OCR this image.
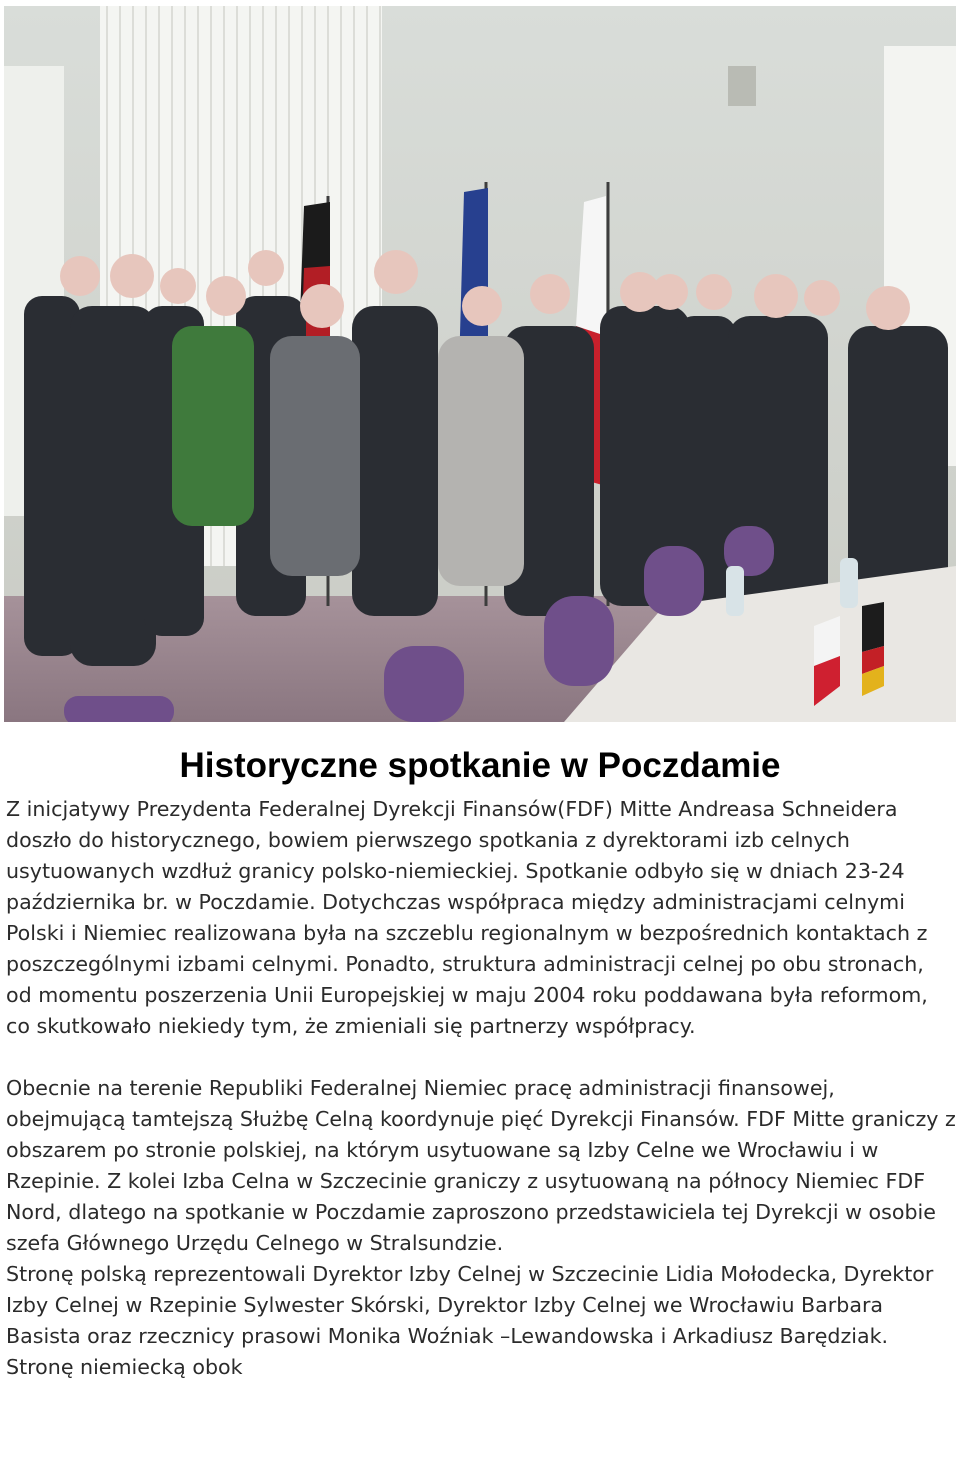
Historyczne spotkanie w Poczdamie

Z inicjatywy Prezydenta Federalnej Dyrekcji Finansów(FDF) Mitte Andreasa Schneidera doszło do historycznego, bowiem pierwszego spotkania z dyrektorami izb celnych usytuowanych wzdłuż granicy polsko-niemieckiej. Spotkanie odbyło się w dniach 23-24 października br. w Poczdamie. Dotychczas współpraca między administracjami celnymi Polski i Niemiec realizowana była na szczeblu regionalnym w bezpośrednich kontaktach z poszczególnymi izbami celnymi. Ponadto, struktura administracji celnej po obu stronach, od momentu poszerzenia Unii Europejskiej w maju 2004 roku poddawana była reformom, co skutkowało niekiedy tym, że zmieniali się partnerzy współpracy.

Obecnie na terenie Republiki Federalnej Niemiec pracę administracji finansowej, obejmującą tamtejszą Służbę Celną koordynuje pięć Dyrekcji Finansów. FDF Mitte graniczy z obszarem po stronie polskiej, na którym usytuowane są Izby Celne we Wrocławiu i w Rzepinie. Z kolei Izba Celna w Szczecinie graniczy z usytuowaną na północy Niemiec FDF Nord, dlatego na spotkanie w Poczdamie zaproszono przedstawiciela tej Dyrekcji w osobie szefa Głównego Urzędu Celnego w Stralsundzie.

Stronę polską reprezentowali Dyrektor Izby Celnej w Szczecinie Lidia Mołodecka, Dyrektor Izby Celnej w Rzepinie Sylwester Skórski, Dyrektor Izby Celnej we Wrocławiu Barbara Basista oraz rzecznicy prasowi Monika Woźniak –Lewandowska i Arkadiusz Barędziak. Stronę niemiecką obok
